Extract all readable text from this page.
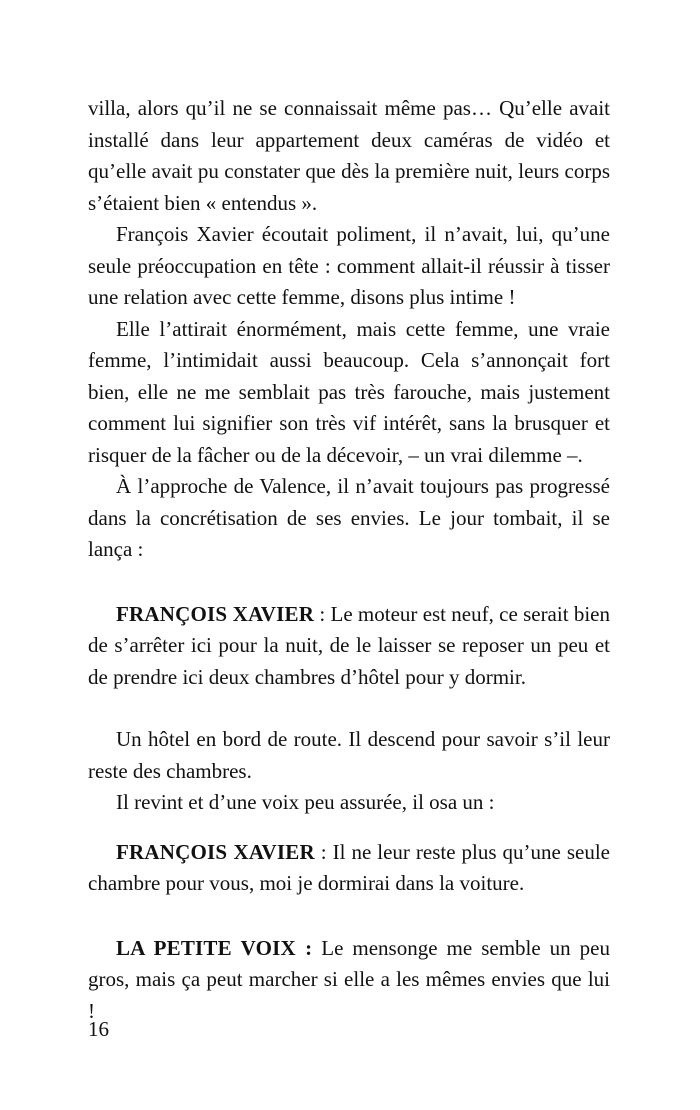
villa, alors qu’il ne se connaissait même pas… Qu’elle avait installé dans leur appartement deux caméras de vidéo et qu’elle avait pu constater que dès la première nuit, leurs corps s’étaient bien « entendus ».

François Xavier écoutait poliment, il n’avait, lui, qu’une seule préoccupation en tête : comment allait-il réussir à tisser une relation avec cette femme, disons plus intime !

Elle l’attirait énormément, mais cette femme, une vraie femme, l’intimidait aussi beaucoup. Cela s’annonçait fort bien, elle ne me semblait pas très farouche, mais justement comment lui signifier son très vif intérêt, sans la brusquer et risquer de la fâcher ou de la décevoir, – un vrai dilemme –.

À l’approche de Valence, il n’avait toujours pas progressé dans la concrétisation de ses envies. Le jour tombait, il se lança :

FRANÇOIS XAVIER : Le moteur est neuf, ce serait bien de s’arrêter ici pour la nuit, de le laisser se reposer un peu et de prendre ici deux chambres d’hôtel pour y dormir.

Un hôtel en bord de route. Il descend pour savoir s’il leur reste des chambres.

Il revint et d’une voix peu assurée, il osa un :

FRANÇOIS XAVIER : Il ne leur reste plus qu’une seule chambre pour vous, moi je dormirai dans la voiture.

LA PETITE VOIX : Le mensonge me semble un peu gros, mais ça peut marcher si elle a les mêmes envies que lui !

16
